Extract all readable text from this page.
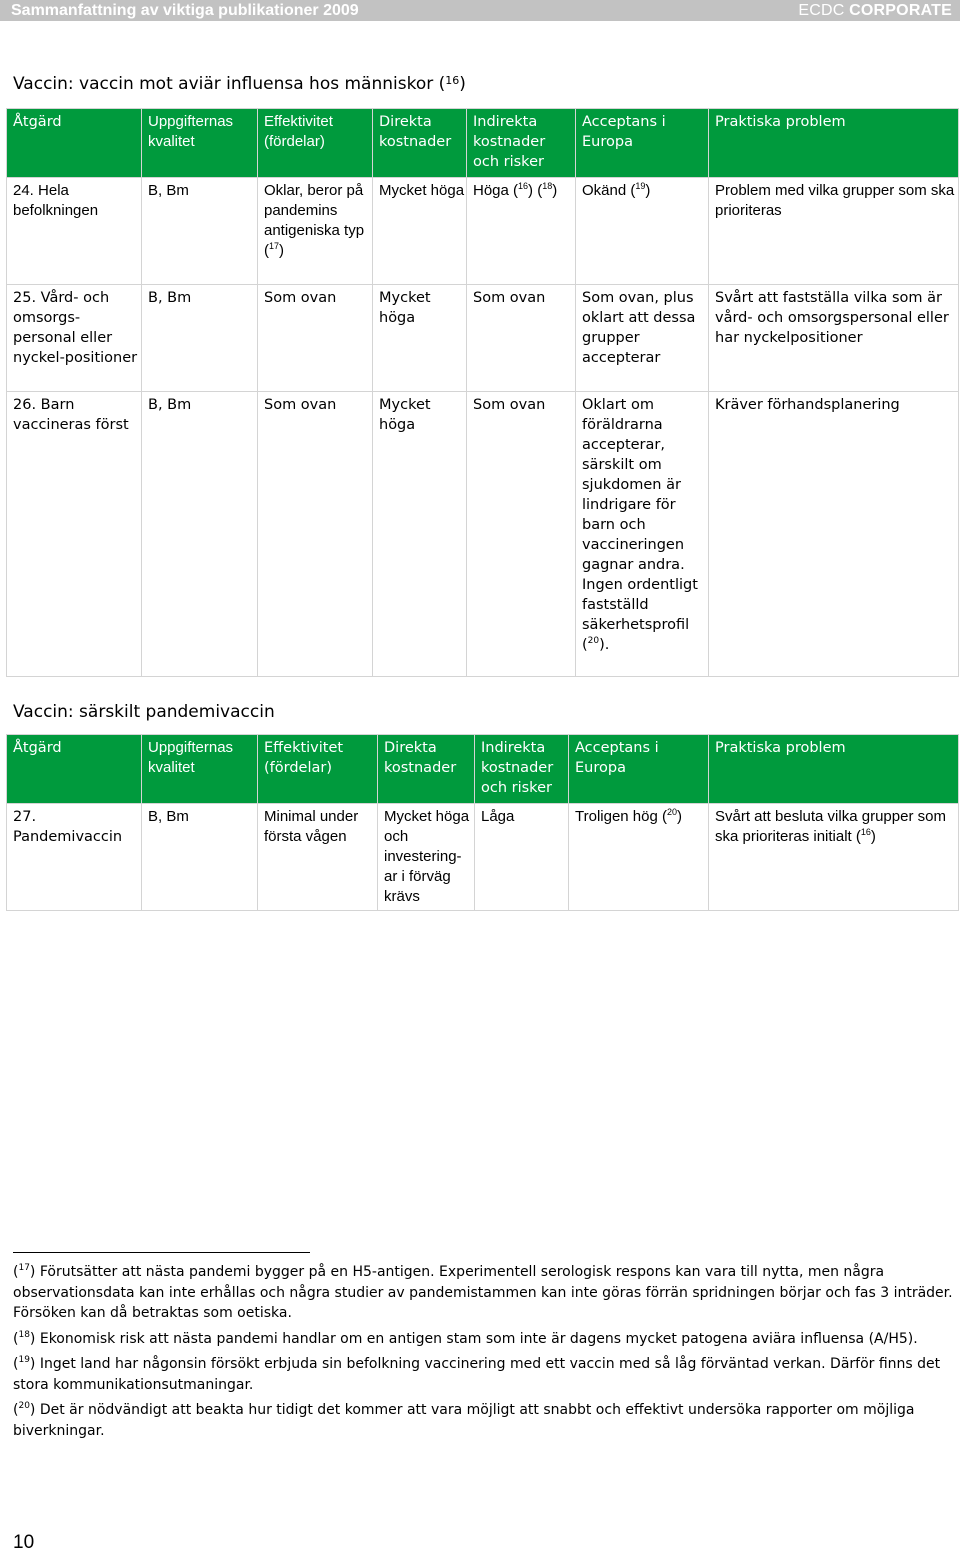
Sammanfattning av viktiga publikationer 2009	ECDC CORPORATE
Vaccin: vaccin mot aviär influensa hos människor ($^{16}$)
Åtgärd	Uppgifternas kvalitet	Effektivitet (fördelar)	Direkta kostnader	Indirekta kostnader och risker	Acceptans i Europa	Praktiska problem
24. Hela befolkningen	B, Bm	Oklar, beror på pandemins antigeniska typ ($^{17}$)	Mycket höga	Höga ($^{16}$) ($^{18}$)	Okänd ($^{19}$)	Problem med vilka grupper som ska prioriteras
25. Vård- och omsorgs-personal eller nyckel-positioner	B, Bm	Som ovan	Mycket höga	Som ovan	Som ovan, plus oklart att dessa grupper accepterar	Svårt att fastställa vilka som är vård- och omsorgspersonal eller har nyckelpositioner
26. Barn vaccineras först	B, Bm	Som ovan	Mycket höga	Som ovan	Oklart om föräldrarna accepterar, särskilt om sjukdomen är lindrigare för barn och vaccineringen gagnar andra. Ingen ordentligt fastställd säkerhetsprofil ($^{20}$).	Kräver förhandsplanering
Vaccin: särskilt pandemivaccin
Åtgärd	Uppgifternas kvalitet	Effektivitet (fördelar)	Direkta kostnader	Indirekta kostnader och risker	Acceptans i Europa	Praktiska problem
27. Pandemivaccin	B, Bm	Minimal under första vågen	Mycket höga och investering-ar i förväg krävs	Låga	Troligen hög ($^{20}$)	Svårt att besluta vilka grupper som ska prioriteras initialt ($^{16}$)

($^{17}$) Förutsätter att nästa pandemi bygger på en H5-antigen. Experimentell serologisk respons kan vara till nytta, men några observationsdata kan inte erhållas och några studier av pandemistammen kan inte göras förrän spridningen börjar och fas 3 inträder. Försöken kan då betraktas som oetiska.

($^{18}$) Ekonomisk risk att nästa pandemi handlar om en antigen stam som inte är dagens mycket patogena aviära influensa (A/H5).

($^{19}$) Inget land har någonsin försökt erbjuda sin befolkning vaccinering med ett vaccin med så låg förväntad verkan. Därför finns det stora kommunikationsutmaningar.

($^{20}$) Det är nödvändigt att beakta hur tidigt det kommer att vara möjligt att snabbt och effektivt undersöka rapporter om möjliga biverkningar.

10
